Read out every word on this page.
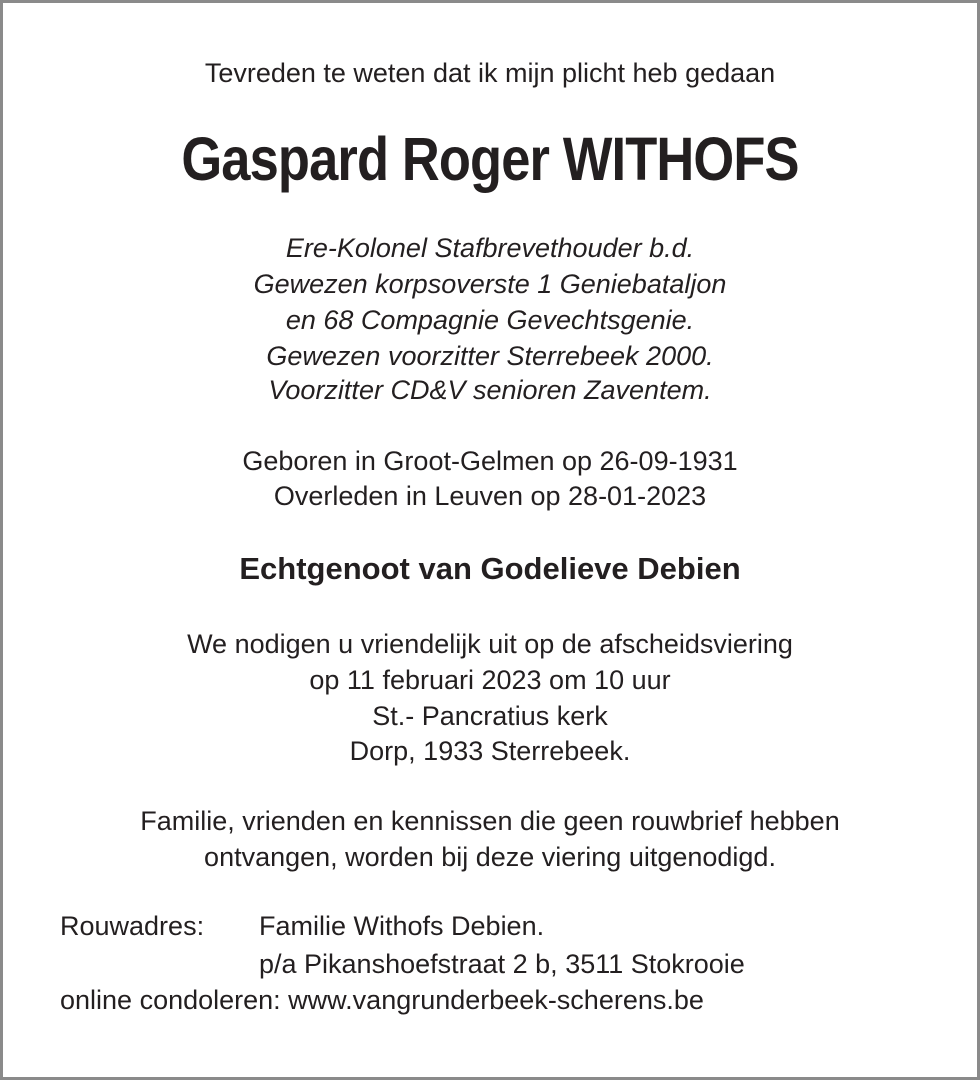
Tevreden te weten dat ik mijn plicht heb gedaan
Gaspard Roger WITHOFS
Ere-Kolonel Stafbrevethouder b.d.
Gewezen korpsoverste 1 Geniebataljon
en 68 Compagnie Gevechtsgenie.
Gewezen voorzitter Sterrebeek 2000.
Voorzitter CD&V senioren Zaventem.
Geboren in Groot-Gelmen op 26-09-1931
Overleden in Leuven op 28-01-2023
Echtgenoot van Godelieve Debien
We nodigen u vriendelijk uit op de afscheidsviering
op 11 februari 2023 om 10 uur
St.- Pancratius kerk
Dorp, 1933 Sterrebeek.
Familie, vrienden en kennissen die geen rouwbrief hebben
ontvangen, worden bij deze viering uitgenodigd.
Rouwadres: Familie Withofs Debien.
p/a Pikanshoefstraat 2 b, 3511 Stokrooie
online condoleren: www.vangrunderbeek-scherens.be
